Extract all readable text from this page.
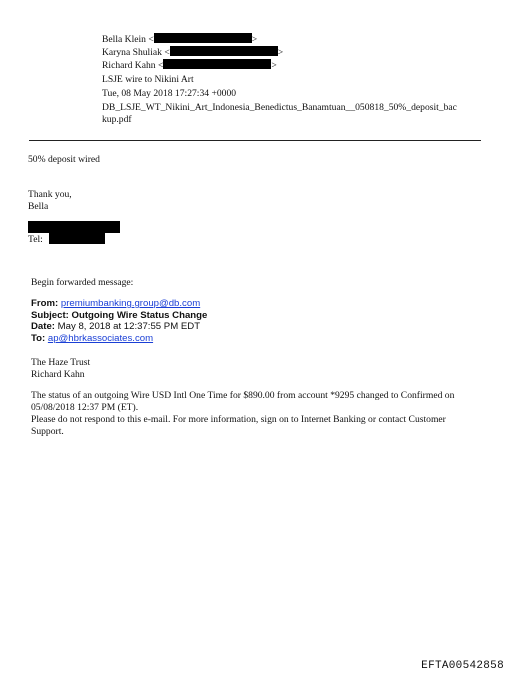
Bella Klein <	>
Karyna Shuliak <	>
Richard Kahn <	>
LSJE wire to Nikini Art
Tue, 08 May 2018 17:27:34 +0000
DB_LSJE_WT_Nikini_Art_Indonesia_Benedictus_Banamtuan__050818_50%_deposit_bac
kup.pdf
50% deposit wired
Thank you,
Bella
Tel:
Begin forwarded message:
From: premiumbanking.group@db.com
Subject: Outgoing Wire Status Change
Date: May 8, 2018 at 12:37:55 PM EDT
To: ap@hbrkassociates.com
The Haze Trust
Richard Kahn
The status of an outgoing Wire USD Intl One Time for $890.00 from account *9295 changed to Confirmed on
05/08/2018 12:37 PM (ET).
Please do not respond to this e-mail. For more information, sign on to Internet Banking or contact Customer
Support.
EFTA00542858
